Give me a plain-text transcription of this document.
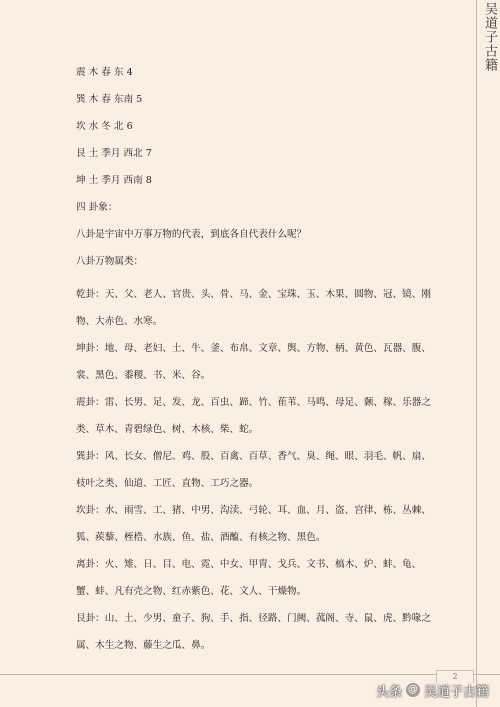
吴道子古籍
2
震 木 春 东 4
巽 木 春 东南 5
坎 水 冬 北 6
艮 土 季月 西北 7
坤 土 季月 西南 8
四 卦象：
八卦是宇宙中万事万物的代表，到底各自代表什么呢？
八卦万物属类：

乾卦：天、父、老人、官贵、头、骨、马、金、宝珠、玉、木果、圆物、冠、镜、刚物、大赤色、水寒。

坤卦：地、母、老妇、土、牛、釜、布帛、文章、舆、方物、柄、黄色、瓦器、腹、裳、黑色、黍稷、书、米、谷。

震卦：雷、长男、足、发、龙、百虫、蹄、竹、萑苇、马鸣、母足、颡、稼、乐器之类、草木、青碧绿色、树、木核、柴、蛇。

巽卦：风、长女、僧尼、鸡、股、百禽、百草、香气、臭、绳、眼、羽毛、帆、扇、枝叶之类、仙道、工匠、直物、工巧之器。

坎卦：水、雨雪、工、猪、中男、沟渎、弓轮、耳、血、月、盗、宫律、栋、丛棘、狐、蒺藜、桎梏、水族、鱼、盐、酒醢、有核之物、黑色。

离卦：火、雉、日、目、电、霓、中女、甲胄、戈兵、文书、槁木、炉、蚌、龟、蟹、蚌、凡有壳之物、红赤紫色、花、文人、干燥物。

艮卦：山、土、少男、童子、狗、手、指、径路、门阙、菰阁、寺、鼠、虎、黔喙之属、木生之物、藤生之瓜、鼻。

头条 @ 吴道子古籍
